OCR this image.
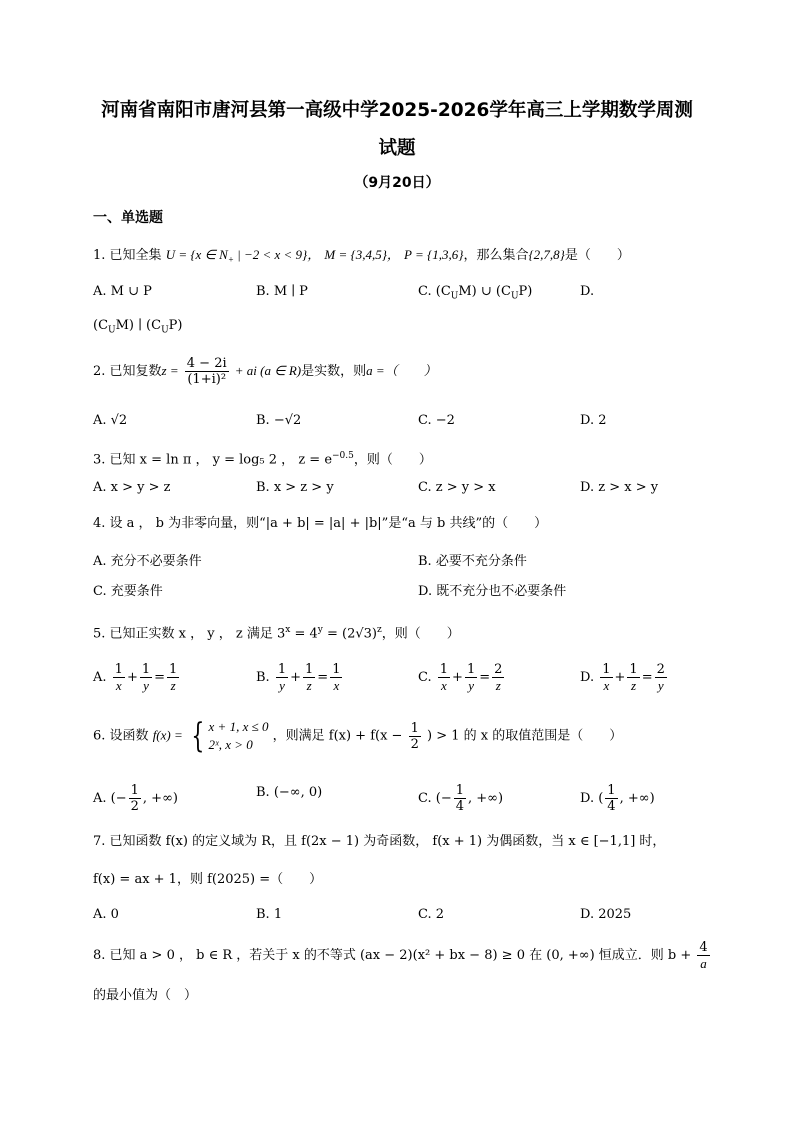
河南省南阳市唐河县第一高级中学2025-2026学年高三上学期数学周测
试题
（9月20日）
一、单选题
1. 已知全集 U = {x ∈ $N_+$ | −2 < x < 9}， M = {3,4,5}， P = {1,3,6}，那么集合{2,7,8}是（　　）
A. M ∪ P	B. M ∣ P	C. $(C_UM)$ ∪ $(C_UP)$	D.
$(C_UM)$ ∣ $(C_UP)$
2. 已知复数$z = \frac{4 - 2i}{\text{(1+i)²}}$ + ai (a ∈ R)是实数，则a =（　　）
A. √2	B. −√2	C. −2	D. 2
3. 已知 x = ln π ， y = log₅ 2 ， $z = e^{-0.5}$，则（　　）
A. x > y > z	B. x > z > y	C. z > y > x	D. z > x > y
4. 设 a ， b 为非零向量，则“|a + b| = |a| + |b|”是“a 与 b 共线”的（　　）
A. 充分不必要条件	B. 必要不充分条件
C. 充要条件	D. 既不充分也不必要条件
5. 已知正实数 x ， y ， z 满足 $3^x = 4^y = (2√3)^z$，则（　　）
A. $\frac{1}{x} + \frac{1}{y} = \frac{1}{z}$	B. $\frac{1}{y} + \frac{1}{z} = \frac{1}{x}$	C. $\frac{1}{x} + \frac{1}{y} = \frac{2}{z}$	D. $\frac{1}{x} + \frac{1}{z} = \frac{2}{y}$
6. 设函数 f(x) = { x + 1, x ≤ 0
2ˣ, x > 0
，则满足 $f(x) + f(x - \frac{1}{2}$ ) > 1 的 x 的取值范围是（　　）
A. (− $\frac{1}{2}$ , +∞)	B. (−∞, 0)	C. (− $\frac{1}{4}$ , +∞)	D. ( $\frac{1}{4}$ , +∞)
7. 已知函数 f(x) 的定义域为 R，且 f(2x − 1) 为奇函数， f(x + 1) 为偶函数，当 x ∈ [−1,1] 时，
f(x) = ax + 1，则 f(2025) =（　　）
A. 0	B. 1	C. 2	D. 2025
8. 已知 a > 0 ， b ∈ R ，若关于 x 的不等式 (ax − 2)(x² + bx − 8) ≥ 0 在 (0, +∞) 恒成立．则 $b + \frac{4}{a}$
的最小值为（　）
